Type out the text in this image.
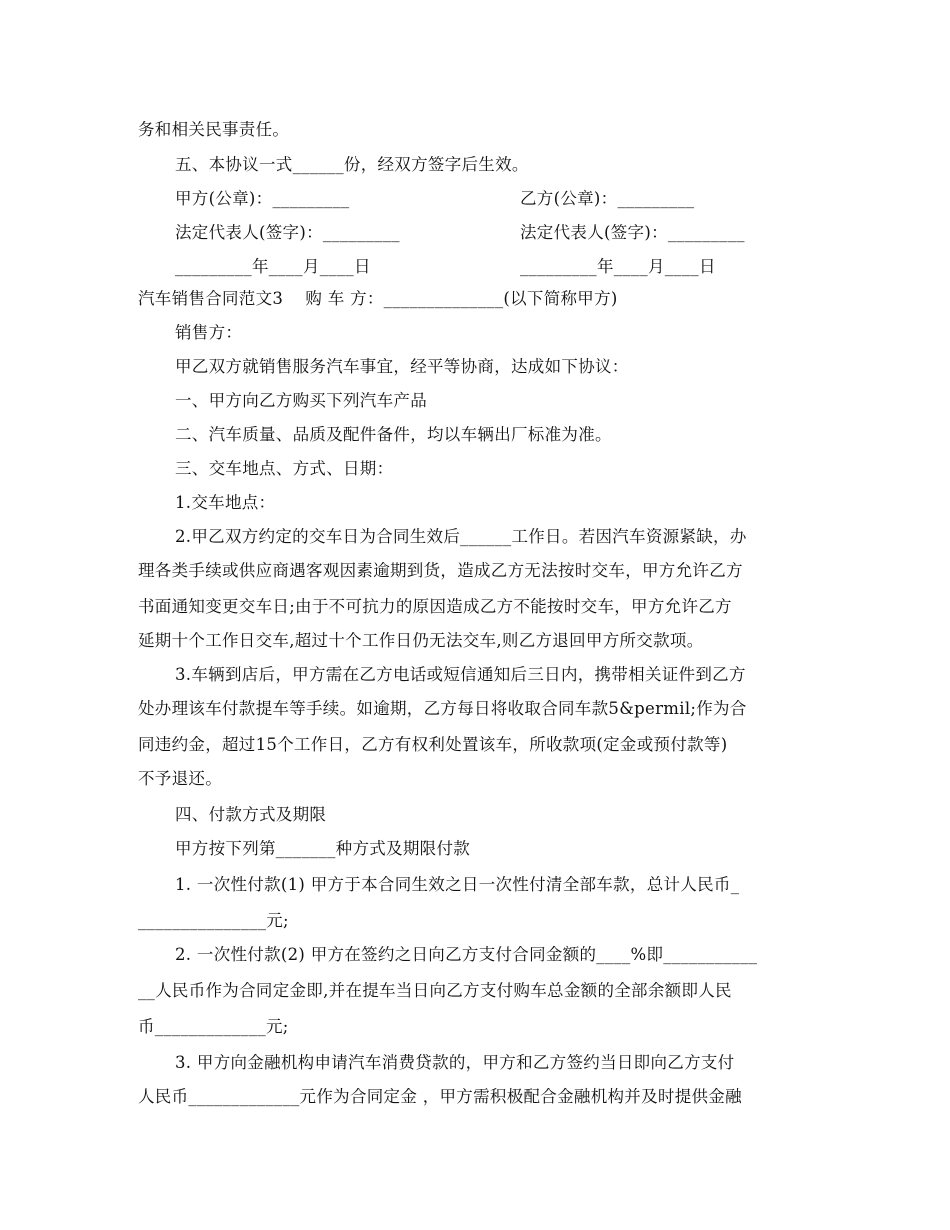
务和相关民事责任。
五、本协议一式______份，经双方签字后生效。
甲方(公章)：_________	乙方(公章)：_________
法定代表人(签字)：_________	法定代表人(签字)：_________
_________年____月____日	_________年____月____日
汽车销售合同范文3    购 车 方：______________(以下简称甲方)
销售方：
甲乙双方就销售服务汽车事宜，经平等协商，达成如下协议：
一、甲方向乙方购买下列汽车产品
二、汽车质量、品质及配件备件，均以车辆出厂标准为准。
三、交车地点、方式、日期：
1.交车地点：
2.甲乙双方约定的交车日为合同生效后______工作日。若因汽车资源紧缺，办
理各类手续或供应商遇客观因素逾期到货，造成乙方无法按时交车，甲方允许乙方
书面通知变更交车日;由于不可抗力的原因造成乙方不能按时交车，甲方允许乙方
延期十个工作日交车,超过十个工作日仍无法交车,则乙方退回甲方所交款项。
3.车辆到店后，甲方需在乙方电话或短信通知后三日内，携带相关证件到乙方
处办理该车付款提车等手续。如逾期，乙方每日将收取合同车款5&permil;作为合
同违约金，超过15个工作日，乙方有权利处置该车，所收款项(定金或预付款等)
不予退还。
四、付款方式及期限
甲方按下列第_______种方式及期限付款
1. 一次性付款(1) 甲方于本合同生效之日一次性付清全部车款，总计人民币_
_______________元;
2. 一次性付款(2) 甲方在签约之日向乙方支付合同金额的____%即___________
__人民币作为合同定金即,并在提车当日向乙方支付购车总金额的全部余额即人民
币_____________元;
3. 甲方向金融机构申请汽车消费贷款的，甲方和乙方签约当日即向乙方支付
人民币_____________元作为合同定金 ，甲方需积极配合金融机构并及时提供金融
